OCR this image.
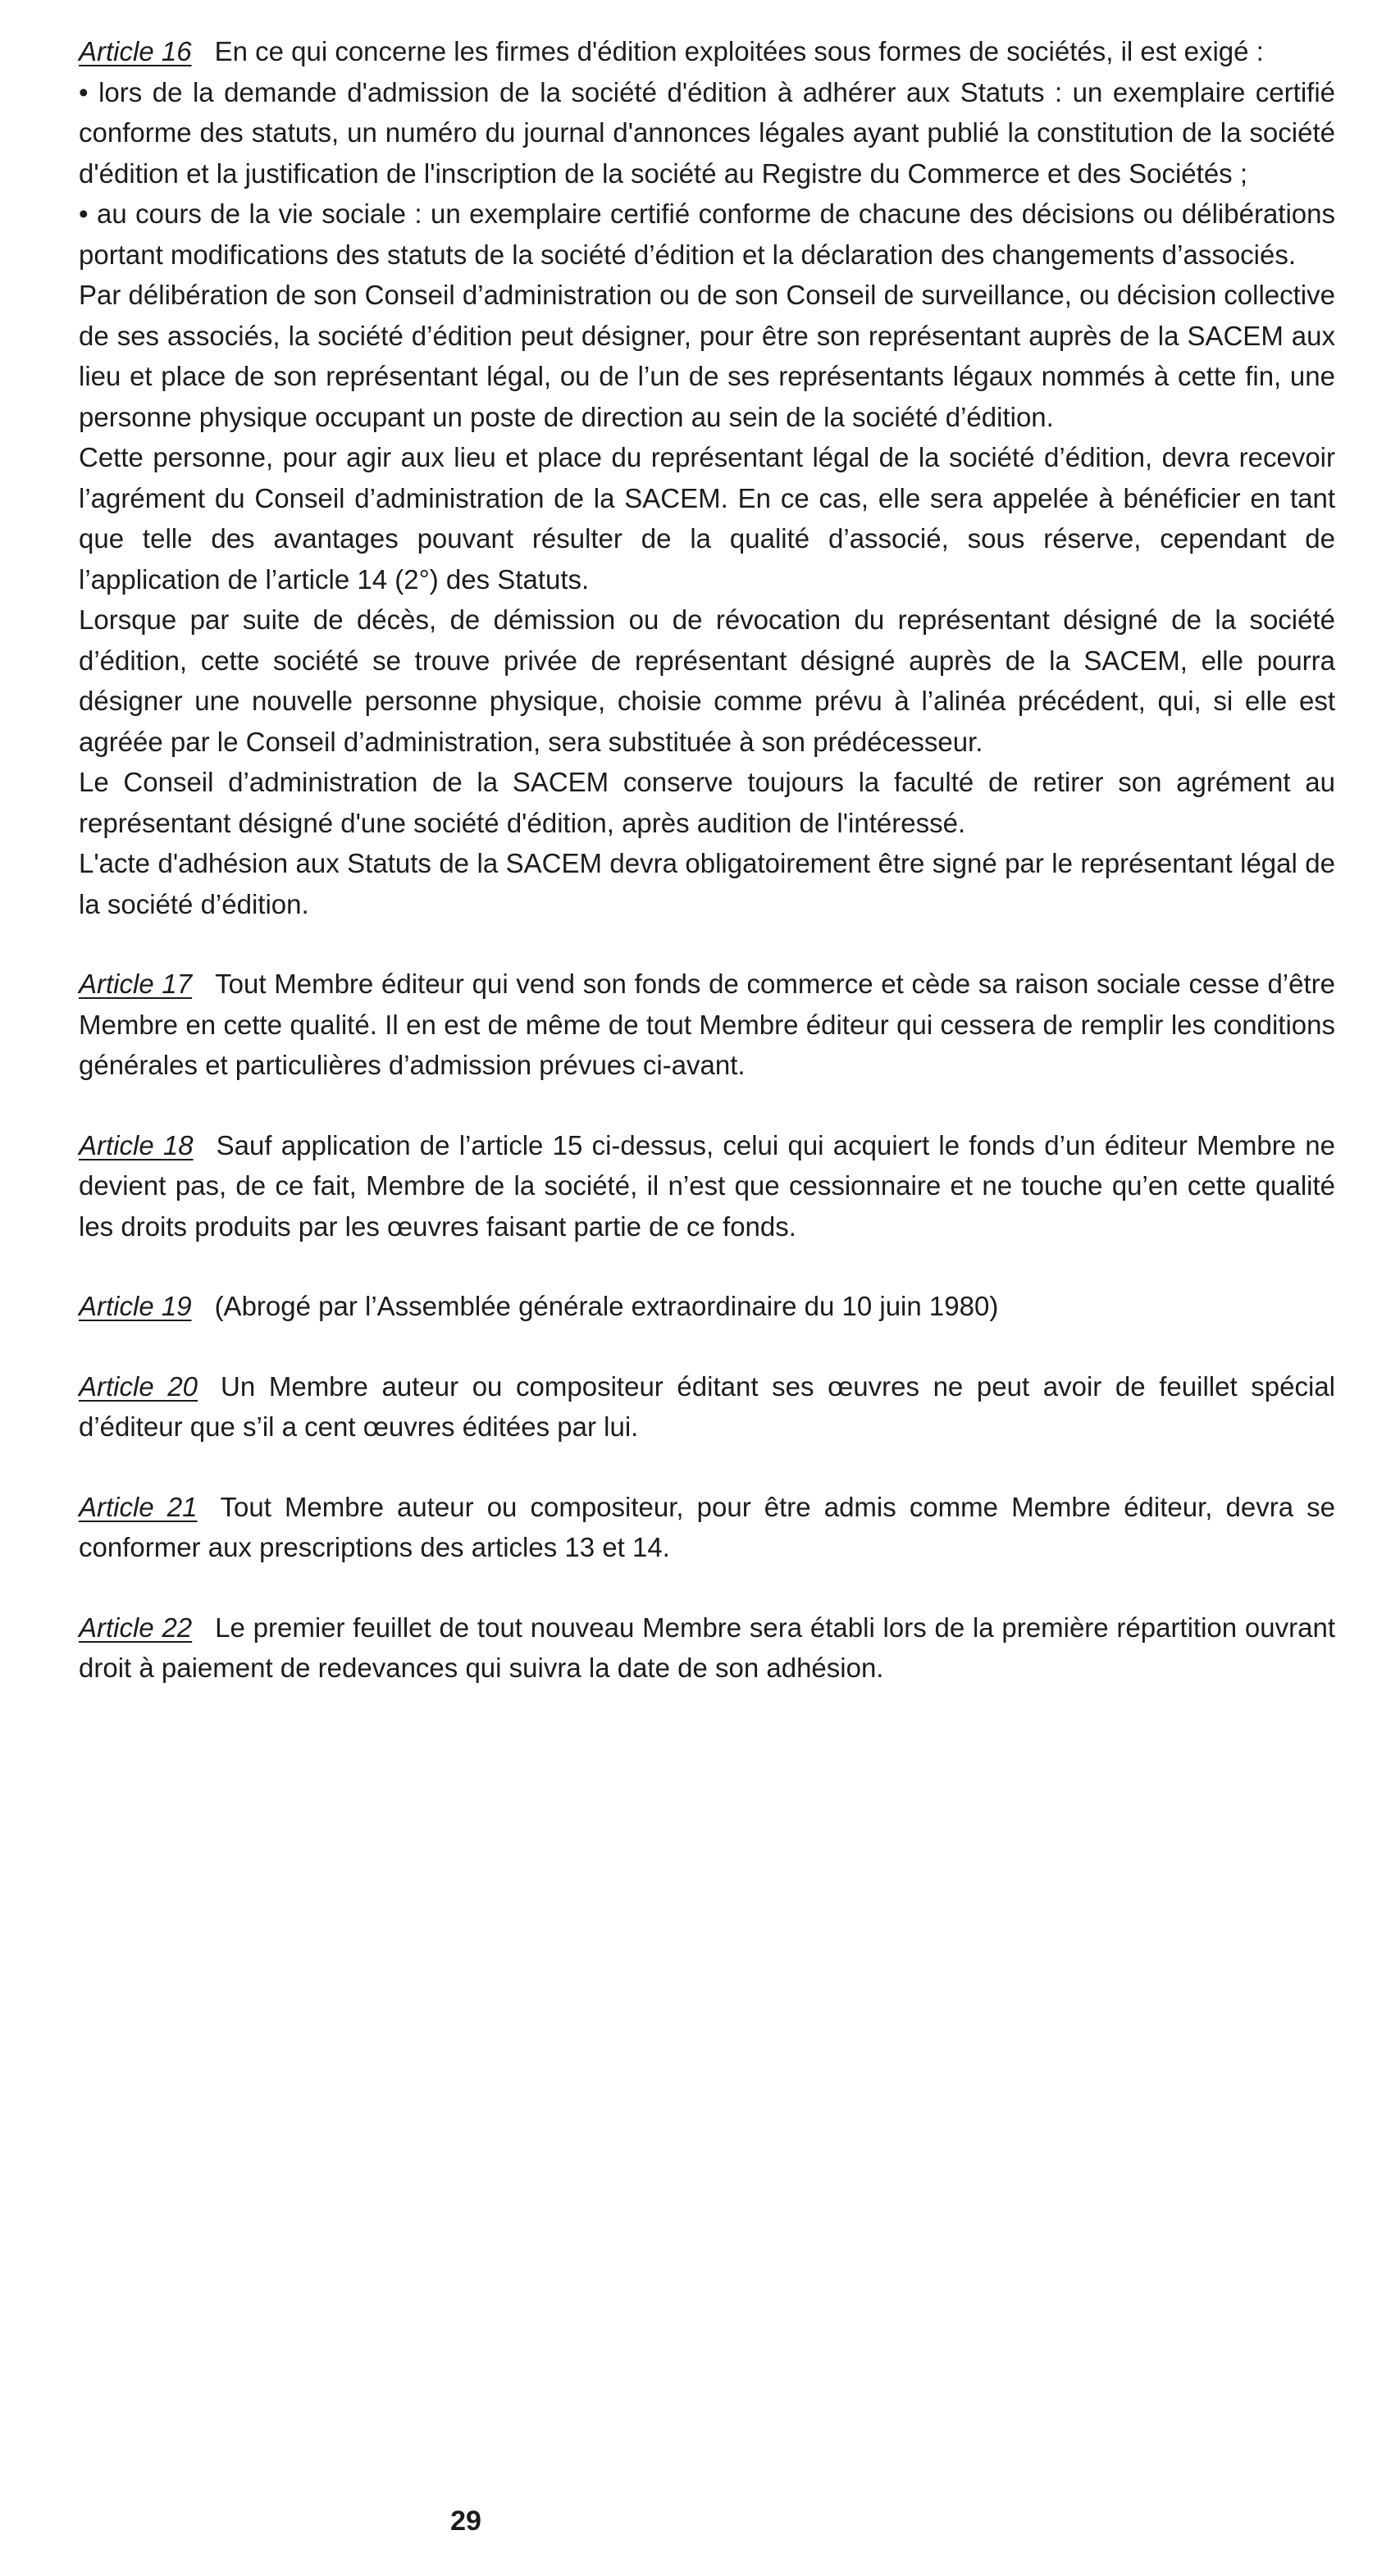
Article 16 En ce qui concerne les firmes d'édition exploitées sous formes de sociétés, il est exigé :

• lors de la demande d'admission de la société d'édition à adhérer aux Statuts : un exemplaire certifié conforme des statuts, un numéro du journal d'annonces légales ayant publié la constitution de la société d'édition et la justification de l'inscription de la société au Registre du Commerce et des Sociétés ;

• au cours de la vie sociale : un exemplaire certifié conforme de chacune des décisions ou délibérations portant modifications des statuts de la société d’édition et la déclaration des changements d’associés.

Par délibération de son Conseil d’administration ou de son Conseil de surveillance, ou décision collective de ses associés, la société d’édition peut désigner, pour être son représentant auprès de la SACEM aux lieu et place de son représentant légal, ou de l’un de ses représentants légaux nommés à cette fin, une personne physique occupant un poste de direction au sein de la société d’édition.

Cette personne, pour agir aux lieu et place du représentant légal de la société d’édition, devra recevoir l’agrément du Conseil d’administration de la SACEM. En ce cas, elle sera appelée à bénéficier en tant que telle des avantages pouvant résulter de la qualité d’associé, sous réserve, cependant de l’application de l’article 14 (2°) des Statuts.

Lorsque par suite de décès, de démission ou de révocation du représentant désigné de la société d’édition, cette société se trouve privée de représentant désigné auprès de la SACEM, elle pourra désigner une nouvelle personne physique, choisie comme prévu à l’alinéa précédent, qui, si elle est agréée par le Conseil d’administration, sera substituée à son prédécesseur.

Le Conseil d’administration de la SACEM conserve toujours la faculté de retirer son agrément au représentant désigné d'une société d'édition, après audition de l'intéressé.

L'acte d'adhésion aux Statuts de la SACEM devra obligatoirement être signé par le représentant légal de la société d’édition.

Article 17 Tout Membre éditeur qui vend son fonds de commerce et cède sa raison sociale cesse d’être Membre en cette qualité. Il en est de même de tout Membre éditeur qui cessera de remplir les conditions générales et particulières d’admission prévues ci-avant.

Article 18 Sauf application de l’article 15 ci-dessus, celui qui acquiert le fonds d’un éditeur Membre ne devient pas, de ce fait, Membre de la société, il n’est que cessionnaire et ne touche qu’en cette qualité les droits produits par les œuvres faisant partie de ce fonds.

Article 19 (Abrogé par l’Assemblée générale extraordinaire du 10 juin 1980)

Article 20 Un Membre auteur ou compositeur éditant ses œuvres ne peut avoir de feuillet spécial d’éditeur que s’il a cent œuvres éditées par lui.

Article 21 Tout Membre auteur ou compositeur, pour être admis comme Membre éditeur, devra se conformer aux prescriptions des articles 13 et 14.

Article 22 Le premier feuillet de tout nouveau Membre sera établi lors de la première répartition ouvrant droit à paiement de redevances qui suivra la date de son adhésion.

29
